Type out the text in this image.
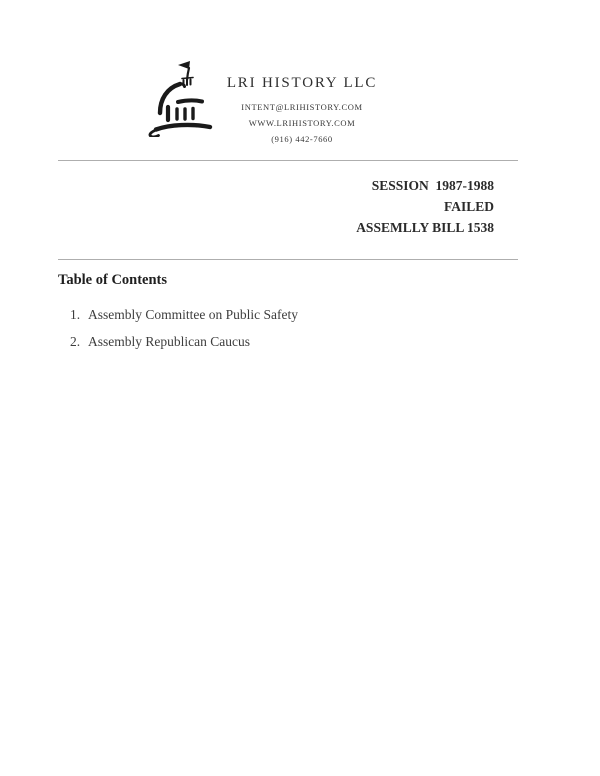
LRI HISTORY LLC
INTENT@LRIHISTORY.COM
WWW.LRIHISTORY.COM
(916) 442-7660
SESSION  1987-1988
FAILED
ASSEMLLY BILL 1538
Table of Contents
1. Assembly Committee on Public Safety
2. Assembly Republican Caucus
